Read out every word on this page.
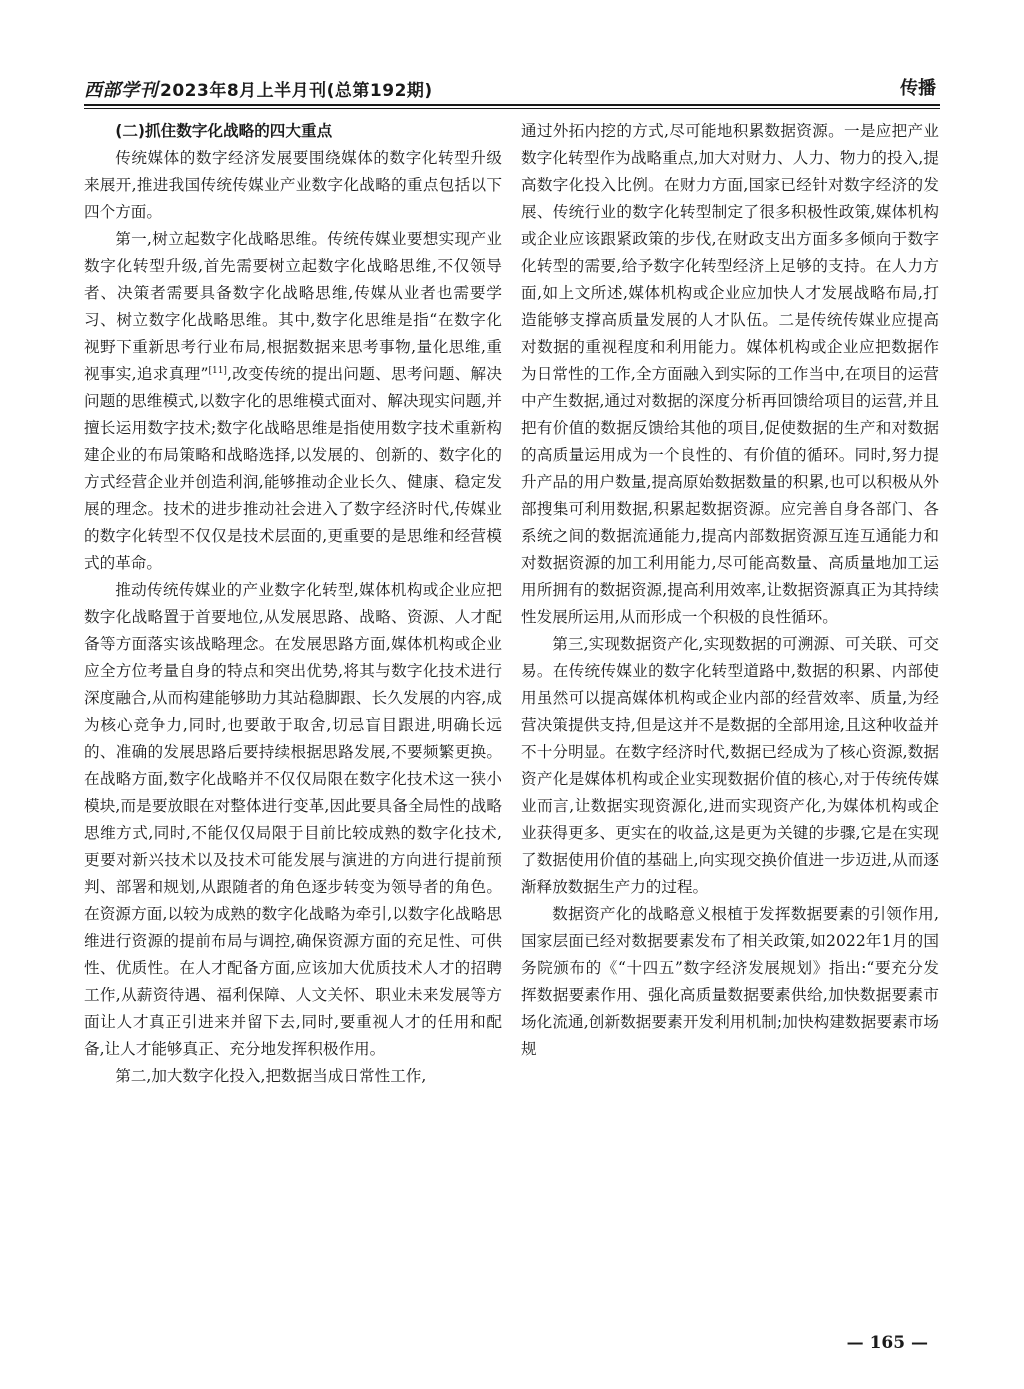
西部学刊 2023年8月上半月刊(总第192期)	传播
(二)抓住数字化战略的四大重点

传统媒体的数字经济发展要围绕媒体的数字化转型升级来展开,推进我国传统传媒业产业数字化战略的重点包括以下四个方面。

第一,树立起数字化战略思维。传统传媒业要想实现产业数字化转型升级,首先需要树立起数字化战略思维,不仅领导者、决策者需要具备数字化战略思维,传媒从业者也需要学习、树立数字化战略思维。其中,数字化思维是指“在数字化视野下重新思考行业布局,根据数据来思考事物,量化思维,重视事实,追求真理”[11],改变传统的提出问题、思考问题、解决问题的思维模式,以数字化的思维模式面对、解决现实问题,并擅长运用数字技术;数字化战略思维是指使用数字技术重新构建企业的布局策略和战略选择,以发展的、创新的、数字化的方式经营企业并创造利润,能够推动企业长久、健康、稳定发展的理念。技术的进步推动社会进入了数字经济时代,传媒业的数字化转型不仅仅是技术层面的,更重要的是思维和经营模式的革命。

推动传统传媒业的产业数字化转型,媒体机构或企业应把数字化战略置于首要地位,从发展思路、战略、资源、人才配备等方面落实该战略理念。在发展思路方面,媒体机构或企业应全方位考量自身的特点和突出优势,将其与数字化技术进行深度融合,从而构建能够助力其站稳脚跟、长久发展的内容,成为核心竞争力,同时,也要敢于取舍,切忌盲目跟进,明确长远的、准确的发展思路后要持续根据思路发展,不要频繁更换。在战略方面,数字化战略并不仅仅局限在数字化技术这一狭小模块,而是要放眼在对整体进行变革,因此要具备全局性的战略思维方式,同时,不能仅仅局限于目前比较成熟的数字化技术,更要对新兴技术以及技术可能发展与演进的方向进行提前预判、部署和规划,从跟随者的角色逐步转变为领导者的角色。在资源方面,以较为成熟的数字化战略为牵引,以数字化战略思维进行资源的提前布局与调控,确保资源方面的充足性、可供性、优质性。在人才配备方面,应该加大优质技术人才的招聘工作,从薪资待遇、福利保障、人文关怀、职业未来发展等方面让人才真正引进来并留下去,同时,要重视人才的任用和配备,让人才能够真正、充分地发挥积极作用。

第二,加大数字化投入,把数据当成日常性工作,

通过外拓内挖的方式,尽可能地积累数据资源。一是应把产业数字化转型作为战略重点,加大对财力、人力、物力的投入,提高数字化投入比例。在财力方面,国家已经针对数字经济的发展、传统行业的数字化转型制定了很多积极性政策,媒体机构或企业应该跟紧政策的步伐,在财政支出方面多多倾向于数字化转型的需要,给予数字化转型经济上足够的支持。在人力方面,如上文所述,媒体机构或企业应加快人才发展战略布局,打造能够支撑高质量发展的人才队伍。二是传统传媒业应提高对数据的重视程度和利用能力。媒体机构或企业应把数据作为日常性的工作,全方面融入到实际的工作当中,在项目的运营中产生数据,通过对数据的深度分析再回馈给项目的运营,并且把有价值的数据反馈给其他的项目,促使数据的生产和对数据的高质量运用成为一个良性的、有价值的循环。同时,努力提升产品的用户数量,提高原始数据数量的积累,也可以积极从外部搜集可利用数据,积累起数据资源。应完善自身各部门、各系统之间的数据流通能力,提高内部数据资源互连互通能力和对数据资源的加工利用能力,尽可能高数量、高质量地加工运用所拥有的数据资源,提高利用效率,让数据资源真正为其持续性发展所运用,从而形成一个积极的良性循环。

第三,实现数据资产化,实现数据的可溯源、可关联、可交易。在传统传媒业的数字化转型道路中,数据的积累、内部使用虽然可以提高媒体机构或企业内部的经营效率、质量,为经营决策提供支持,但是这并不是数据的全部用途,且这种收益并不十分明显。在数字经济时代,数据已经成为了核心资源,数据资产化是媒体机构或企业实现数据价值的核心,对于传统传媒业而言,让数据实现资源化,进而实现资产化,为媒体机构或企业获得更多、更实在的收益,这是更为关键的步骤,它是在实现了数据使用价值的基础上,向实现交换价值进一步迈进,从而逐渐释放数据生产力的过程。

数据资产化的战略意义根植于发挥数据要素的引领作用,国家层面已经对数据要素发布了相关政策,如2022年1月的国务院颁布的《“十四五”数字经济发展规划》指出:“要充分发挥数据要素作用、强化高质量数据要素供给,加快数据要素市场化流通,创新数据要素开发利用机制;加快构建数据要素市场规

— 165 —
